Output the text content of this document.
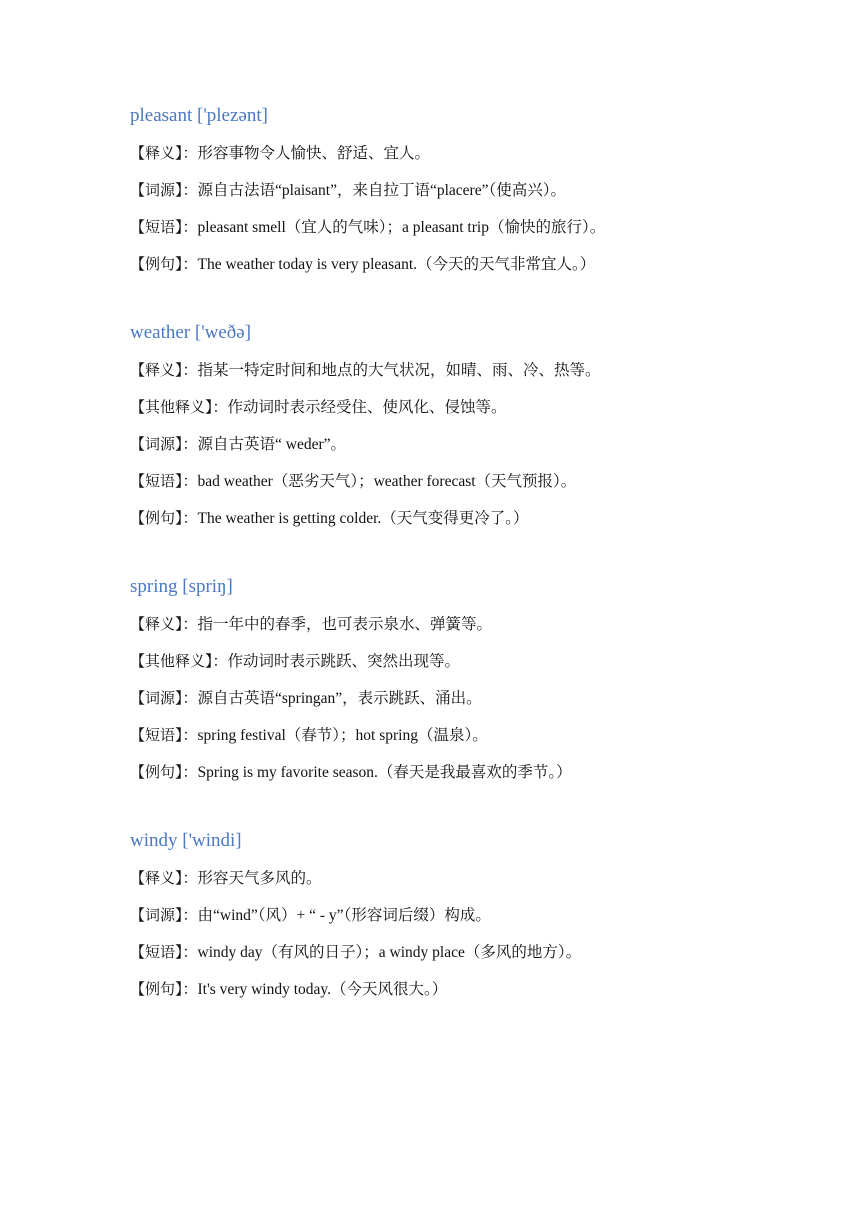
pleasant ['plezənt]
【释义】：形容事物令人愉快、舒适、宜人。
【词源】：源自古法语“plaisant”，来自拉丁语“placere”（使高兴）。
【短语】：pleasant smell（宜人的气味）；a pleasant trip（愉快的旅行）。
【例句】：The weather today is very pleasant.（今天的天气非常宜人。）
weather ['weðə]
【释义】：指某一特定时间和地点的大气状况，如晴、雨、冷、热等。
【其他释义】：作动词时表示经受住、使风化、侵蚀等。
【词源】：源自古英语“ weder”。
【短语】：bad weather（恶劣天气）；weather forecast（天气预报）。
【例句】：The weather is getting colder.（天气变得更冷了。）
spring [spriŋ]
【释义】：指一年中的春季，也可表示泉水、弹簧等。
【其他释义】：作动词时表示跳跃、突然出现等。
【词源】：源自古英语“springan”，表示跳跃、涌出。
【短语】：spring festival（春节）；hot spring（温泉）。
【例句】：Spring is my favorite season.（春天是我最喜欢的季节。）
windy ['windi]
【释义】：形容天气多风的。
【词源】：由“wind”（风）+ “ - y”（形容词后缀）构成。
【短语】：windy day（有风的日子）；a windy place（多风的地方）。
【例句】：It's very windy today.（今天风很大。）
